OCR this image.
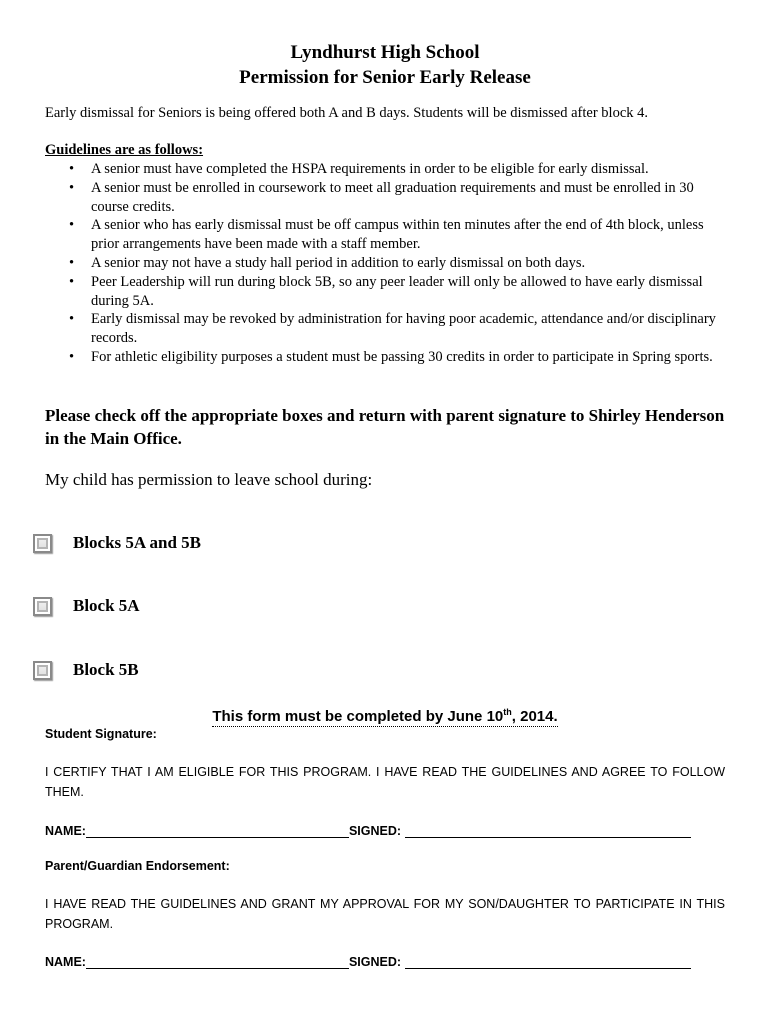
Lyndhurst High School
Permission for Senior Early Release
Early dismissal for Seniors is being offered both A and B days. Students will be dismissed after block 4.
Guidelines are as follows:
• A senior must have completed the HSPA requirements in order to be eligible for early dismissal.
• A senior must be enrolled in coursework to meet all graduation requirements and must be enrolled in 30 course credits.
• A senior who has early dismissal must be off campus within ten minutes after the end of 4th block, unless prior arrangements have been made with a staff member.
• A senior may not have a study hall period in addition to early dismissal on both days.
• Peer Leadership will run during block 5B, so any peer leader will only be allowed to have early dismissal during 5A.
• Early dismissal may be revoked by administration for having poor academic, attendance and/or disciplinary records.
• For athletic eligibility purposes a student must be passing 30 credits in order to participate in Spring sports.
Please check off the appropriate boxes and return with parent signature to Shirley Henderson in the Main Office.
My child has permission to leave school during:
Blocks 5A and 5B
Block 5A
Block 5B
This form must be completed by June 10th, 2014.
Student Signature:
I CERTIFY THAT I AM ELIGIBLE FOR THIS PROGRAM. I HAVE READ THE GUIDELINES AND AGREE TO FOLLOW THEM.
NAME:	SIGNED:
Parent/Guardian Endorsement:
I HAVE READ THE GUIDELINES AND GRANT MY APPROVAL FOR MY SON/DAUGHTER TO PARTICIPATE IN THIS PROGRAM.
NAME:	SIGNED:
